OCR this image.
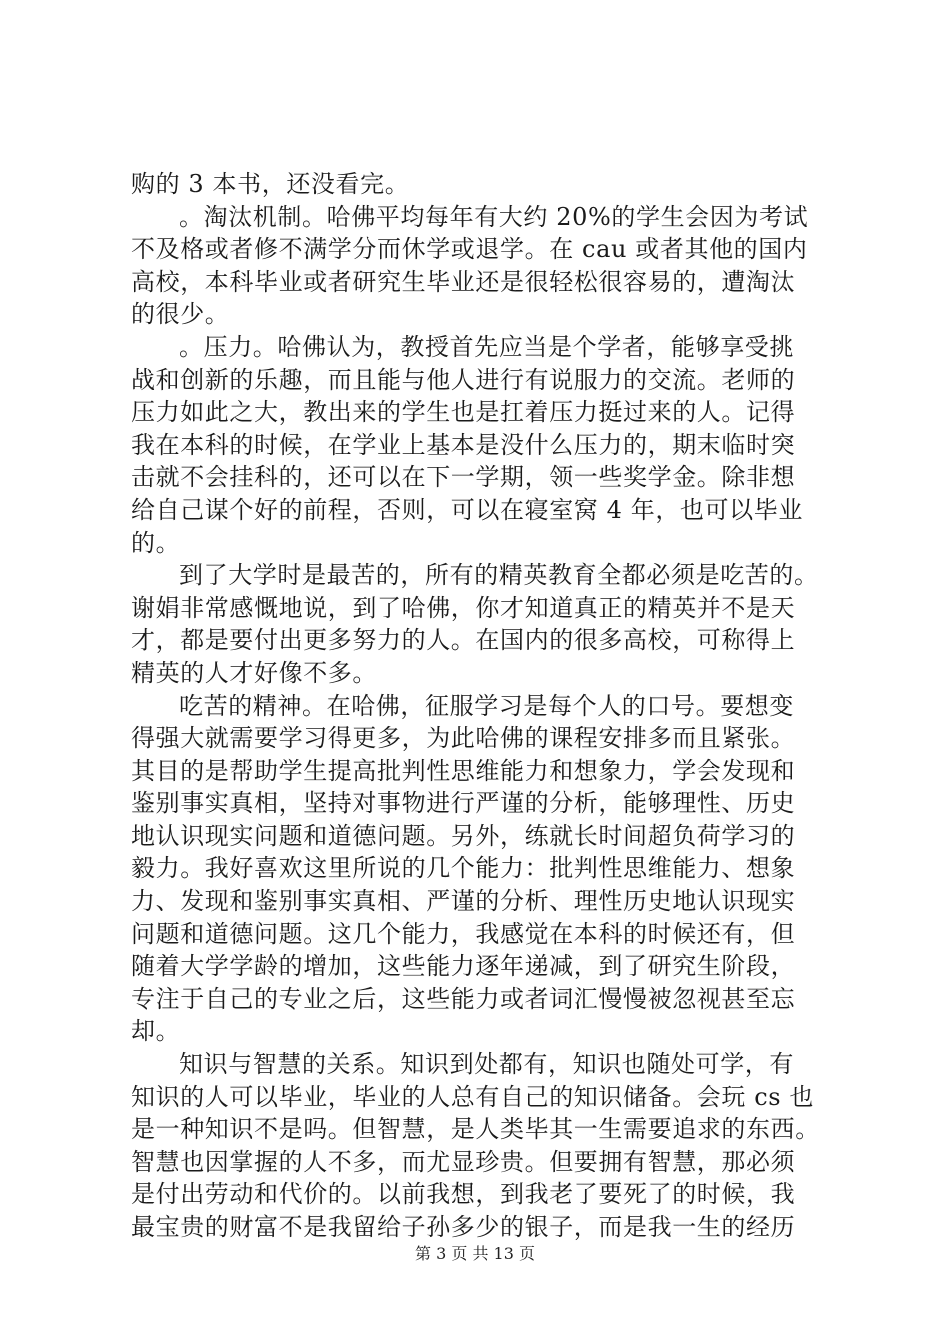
购的 3 本书，还没看完。
。淘汰机制。哈佛平均每年有大约 20%的学生会因为考试
不及格或者修不满学分而休学或退学。在 cau 或者其他的国内
高校，本科毕业或者研究生毕业还是很轻松很容易的，遭淘汰
的很少。
。压力。哈佛认为，教授首先应当是个学者，能够享受挑
战和创新的乐趣，而且能与他人进行有说服力的交流。老师的
压力如此之大，教出来的学生也是扛着压力挺过来的人。记得
我在本科的时候，在学业上基本是没什么压力的，期末临时突
击就不会挂科的，还可以在下一学期，领一些奖学金。除非想
给自己谋个好的前程，否则，可以在寝室窝 4 年，也可以毕业
的。
到了大学时是最苦的，所有的精英教育全都必须是吃苦的。
谢娟非常感慨地说，到了哈佛，你才知道真正的精英并不是天
才，都是要付出更多努力的人。在国内的很多高校，可称得上
精英的人才好像不多。
吃苦的精神。在哈佛，征服学习是每个人的口号。要想变
得强大就需要学习得更多，为此哈佛的课程安排多而且紧张。
其目的是帮助学生提高批判性思维能力和想象力，学会发现和
鉴别事实真相，坚持对事物进行严谨的分析，能够理性、历史
地认识现实问题和道德问题。另外，练就长时间超负荷学习的
毅力。我好喜欢这里所说的几个能力：批判性思维能力、想象
力、发现和鉴别事实真相、严谨的分析、理性历史地认识现实
问题和道德问题。这几个能力，我感觉在本科的时候还有，但
随着大学学龄的增加，这些能力逐年递减，到了研究生阶段，
专注于自己的专业之后，这些能力或者词汇慢慢被忽视甚至忘
却。
知识与智慧的关系。知识到处都有，知识也随处可学，有
知识的人可以毕业，毕业的人总有自己的知识储备。会玩 cs 也
是一种知识不是吗。但智慧，是人类毕其一生需要追求的东西。
智慧也因掌握的人不多，而尤显珍贵。但要拥有智慧，那必须
是付出劳动和代价的。以前我想，到我老了要死了的时候，我
最宝贵的财富不是我留给子孙多少的银子，而是我一生的经历
第 3 页 共 13 页
